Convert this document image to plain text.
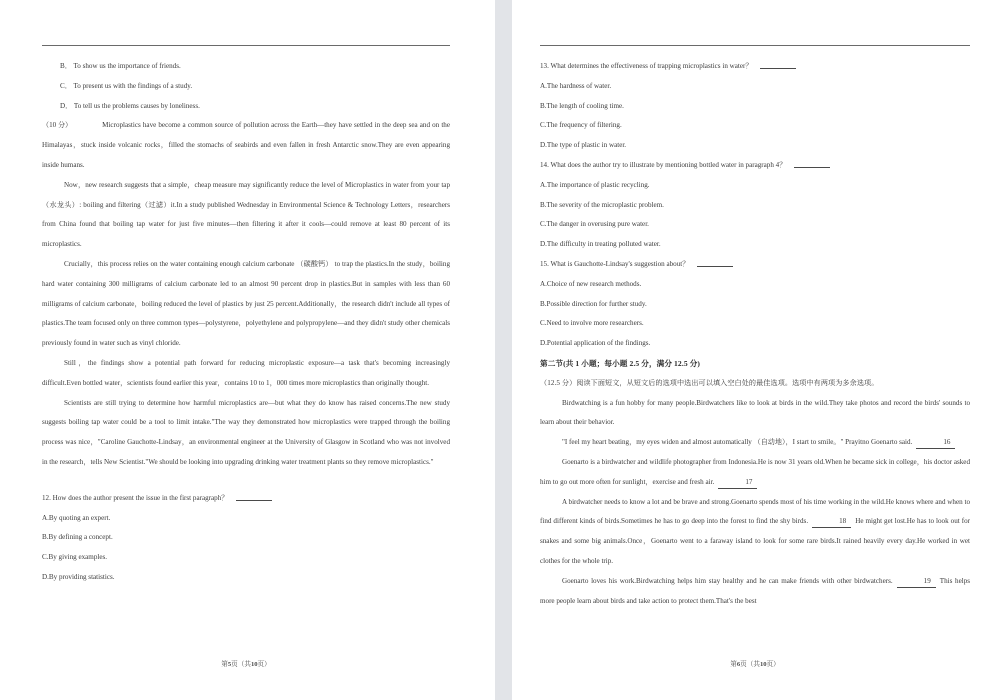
B． To show us the importance of friends.

C． To present us with the findings of a study.

D． To tell us the problems causes by loneliness.

（10 分）	Microplastics have become a common source of pollution across the Earth—they have settled in the deep sea and on the Himalayas，stuck inside volcanic rocks，filled the stomachs of seabirds and even fallen in fresh Antarctic snow.They are even appearing inside humans.

Now，new research suggests that a simple，cheap measure may significantly reduce the level of Microplastics in water from your tap（水龙头）: boiling and filtering（过滤）it.In a study published Wednesday in Environmental Science & Technology Letters，researchers from China found that boiling tap water for just five minutes—then filtering it after it cools—could remove at least 80 percent of its microplastics.

Crucially，this process relies on the water containing enough calcium carbonate （碳酸钙） to trap the plastics.In the study，boiling hard water containing 300 milligrams of calcium carbonate led to an almost 90 percent drop in plastics.But in samples with less than 60 milligrams of calcium carbonate，boiling reduced the level of plastics by just 25 percent.Additionally，the research didn't include all types of plastics.The team focused only on three common types—polystyrene，polyethylene and polypropylene—and they didn't study other chemicals previously found in water such as vinyl chloride.

Still，the findings show a potential path forward for reducing microplastic exposure—a task that's becoming increasingly difficult.Even bottled water，scientists found earlier this year，contains 10 to 1，000 times more microplastics than originally thought.

Scientists are still trying to determine how harmful microplastics are—but what they do know has raised concerns.The new study suggests boiling tap water could be a tool to limit intake."The way they demonstrated how microplastics were trapped through the boiling process was nice，"Caroline Gauchotte‐Lindsay，an environmental engineer at the University of Glasgow in Scotland who was not involved in the research，tells New Scientist."We should be looking into upgrading drinking water treatment plants so they remove microplastics."

12. How does the author present the issue in the first paragraph？

A.By quoting an expert.

B.By defining a concept.

C.By giving examples.

D.By providing statistics.

第5页（共10页）

13. What determines the effectiveness of trapping microplastics in water？

A.The hardness of water.

B.The length of cooling time.

C.The frequency of filtering.

D.The type of plastic in water.

14. What does the author try to illustrate by mentioning bottled water in paragraph 4？

A.The importance of plastic recycling.

B.The severity of the microplastic problem.

C.The danger in overusing pure water.

D.The difficulty in treating polluted water.

15. What is Gauchotte‐Lindsay's suggestion about？

A.Choice of new research methods.

B.Possible direction for further study.

C.Need to involve more researchers.

D.Potential application of the findings.

第二节(共 1 小题；每小题 2.5 分，满分 12.5 分)

（12.5 分）阅读下面短文，从短文后的选项中选出可以填入空白处的最佳选项。选项中有两项为多余选项。

Birdwatching is a fun hobby for many people.Birdwatchers like to look at birds in the wild.They take photos and record the birds' sounds to learn about their behavior.

"I feel my heart beating，my eyes widen and almost automatically （自动地），I start to smile。" Prayitno Goenarto said.	16

Goenarto is a birdwatcher and wildlife photographer from Indonesia.He is now 31 years old.When he became sick in college，his doctor asked him to go out more often for sunlight，exercise and fresh air.	17

A birdwatcher needs to know a lot and be brave and strong.Goenarto spends most of his time working in the wild.He knows where and when to find different kinds of birds.Sometimes he has to go deep into the forest to find the shy birds.	18 He might get lost.He has to look out for snakes and some big animals.Once，Goenarto went to a faraway island to look for some rare birds.It rained heavily every day.He worked in wet clothes for the whole trip.

Goenarto loves his work.Birdwatching helps him stay healthy and he can make friends with other birdwatchers.	19 This helps more people learn about birds and take action to protect them.That's the best

第6页（共10页）
